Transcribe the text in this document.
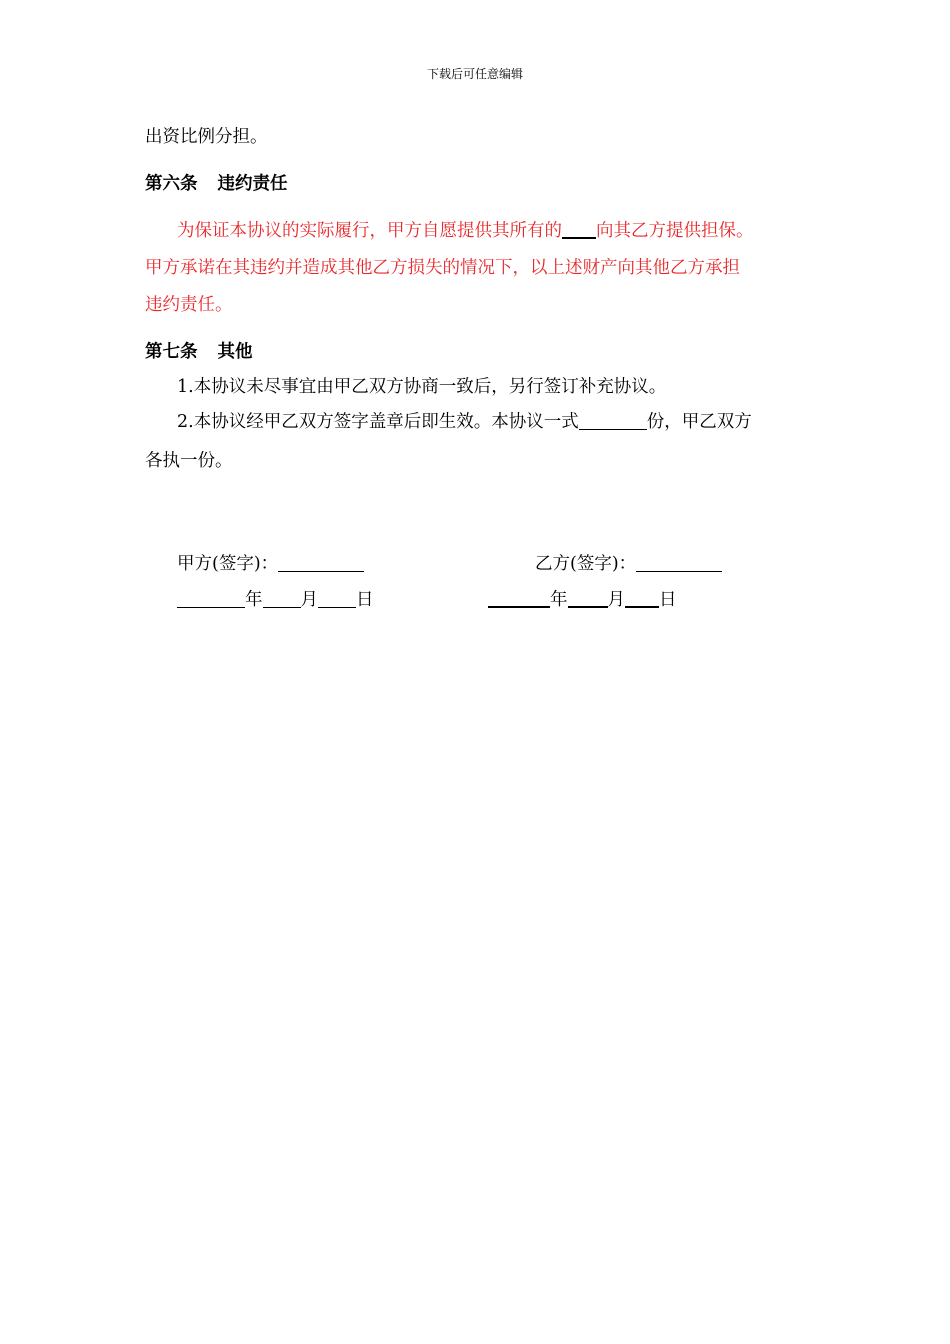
下载后可任意编辑
出资比例分担。
第六条 违约责任
为保证本协议的实际履行，甲方自愿提供其所有的 向其乙方提供担保。
甲方承诺在其违约并造成其他乙方损失的情况下，以上述财产向其他乙方承担
违约责任。
第七条 其他
1.本协议未尽事宜由甲乙双方协商一致后，另行签订补充协议。
2.本协议经甲乙双方签字盖章后即生效。本协议一式	份，甲乙双方
各执一份。
甲方(签字)：	乙方(签字)：
年 月 日	年 月 日
